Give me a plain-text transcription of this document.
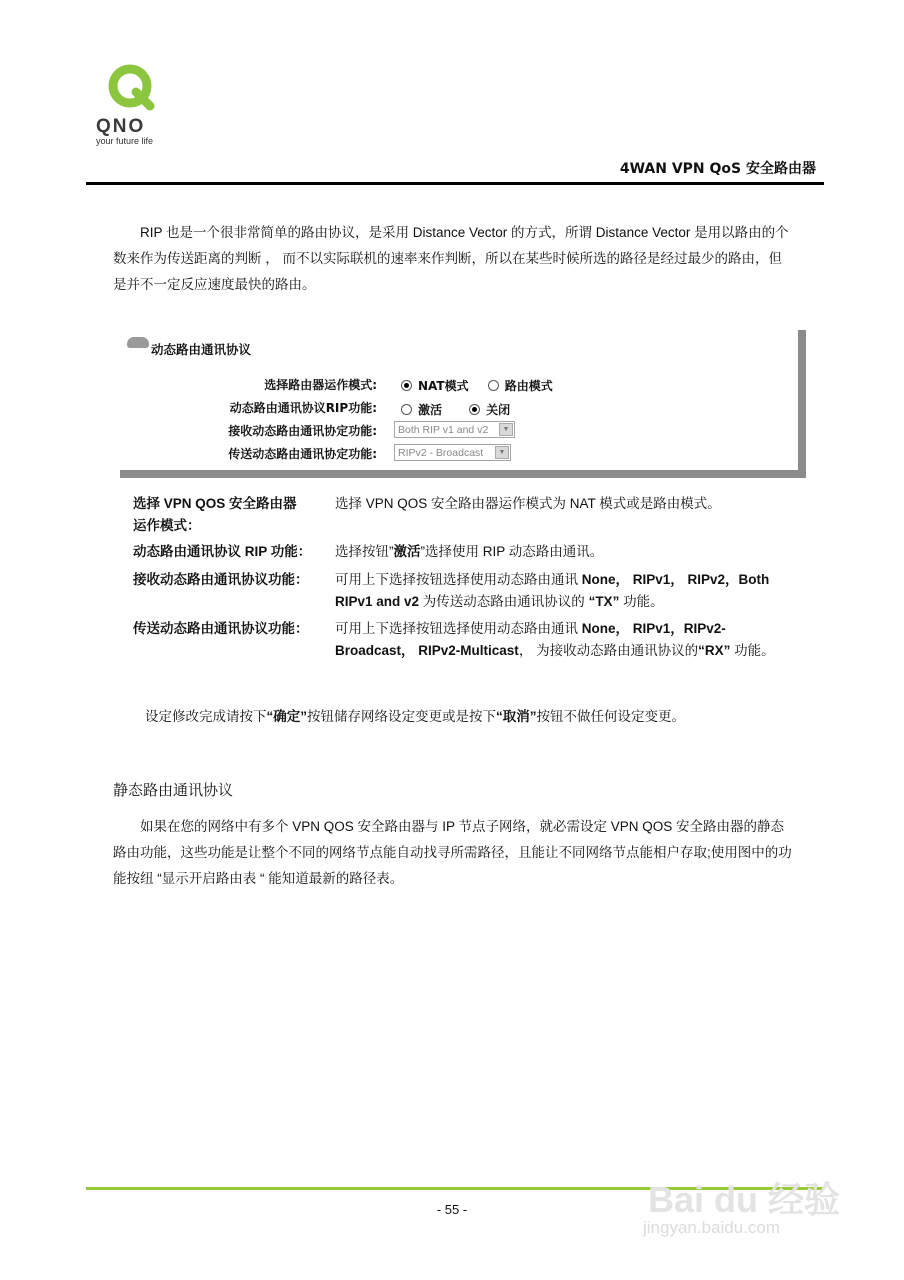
QNO
your future life
4WAN VPN QoS 安全路由器
RIP 也是一个很非常简单的路由协议，是采用 Distance Vector 的方式，所谓 Distance Vector 是用以路由的个数来作为传送距离的判断 ， 而不以实际联机的速率来作判断，所以在某些时候所选的路径是经过最少的路由，但是并不一定反应速度最快的路由。
动态路由通讯协议
选择路由器运作模式:	NAT模式	路由模式
动态路由通讯协议RIP功能:	激活	关闭
接收动态路由通讯协定功能:	Both RIP v1 and v2	▼
传送动态路由通讯协定功能:	RIPv2 - Broadcast	▼
选择 VPN QOS 安全路由器
运作模式：
选择 VPN QOS 安全路由器运作模式为 NAT 模式或是路由模式。
动态路由通讯协议 RIP 功能： 选择按钮”激活”选择使用 RIP 动态路由通讯。
接收动态路由通讯协议功能： 可用上下选择按钮选择使用动态路由通讯 None， RIPv1， RIPv2，Both RIPv1 and v2 为传送动态路由通讯协议的 “TX” 功能。
传送动态路由通讯协议功能： 可用上下选择按钮选择使用动态路由通讯 None， RIPv1，RIPv2-Broadcast， RIPv2-Multicast， 为接收动态路由通讯协议的“RX” 功能。
设定修改完成请按下“确定”按钮储存网络设定变更或是按下“取消”按钮不做任何设定变更。
静态路由通讯协议
如果在您的网络中有多个 VPN QOS 安全路由器与 IP 节点子网络，就必需设定 VPN QOS 安全路由器的静态路由功能，这些功能是让整个不同的网络节点能自动找寻所需路径，且能让不同网络节点能相户存取;使用图中的功能按纽 “显示开启路由表 “ 能知道最新的路径表。
- 55 -	Bai du 经验
jingyan.baidu.com
